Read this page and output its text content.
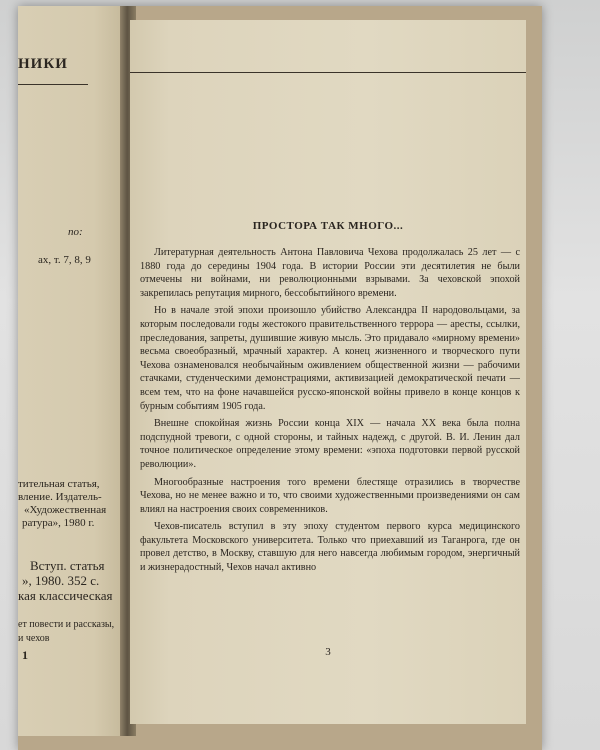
НИКИ
по:
ах, т. 7, 8, 9
тительная статья,
вление. Издатель-
«Художественная
ратура», 1980 г.
Вступ. статья
», 1980. 352 с.
кая классическая
ет повести и рассказы,
и чехов
1
ПРОСТОРА ТАК МНОГО...

Литературная деятельность Антона Павловича Чехова продолжалась 25 лет — с 1880 года до середины 1904 года. В истории России эти десятилетия не были отмечены ни войнами, ни революционными взрывами. За чеховской эпохой закрепилась репутация мирного, бессобытийного времени.

Но в начале этой эпохи произошло убийство Александра II народовольцами, за которым последовали годы жестокого правительственного террора — аресты, ссылки, преследования, запреты, душившие живую мысль. Это придавало «мирному времени» весьма своеобразный, мрачный характер. А конец жизненного и творческого пути Чехова ознаменовался необычайным оживлением общественной жизни — рабочими стачками, студенческими демонстрациями, активизацией демократической печати — всем тем, что на фоне начавшейся русско-японской войны привело в конце концов к бурным событиям 1905 года.

Внешне спокойная жизнь России конца XIX — начала XX века была полна подспудной тревоги, с одной стороны, и тайных надежд, с другой. В. И. Ленин дал точное политическое определение этому времени: «эпоха подготовки первой русской революции».

Многообразные настроения того времени блестяще отразились в творчестве Чехова, но не менее важно и то, что своими художественными произведениями он сам влиял на настроения своих современников.

Чехов-писатель вступил в эту эпоху студентом первого курса медицинского факультета Московского университета. Только что приехавший из Таганрога, где он провел детство, в Москву, ставшую для него навсегда любимым городом, энергичный и жизнерадостный, Чехов начал активно

3
